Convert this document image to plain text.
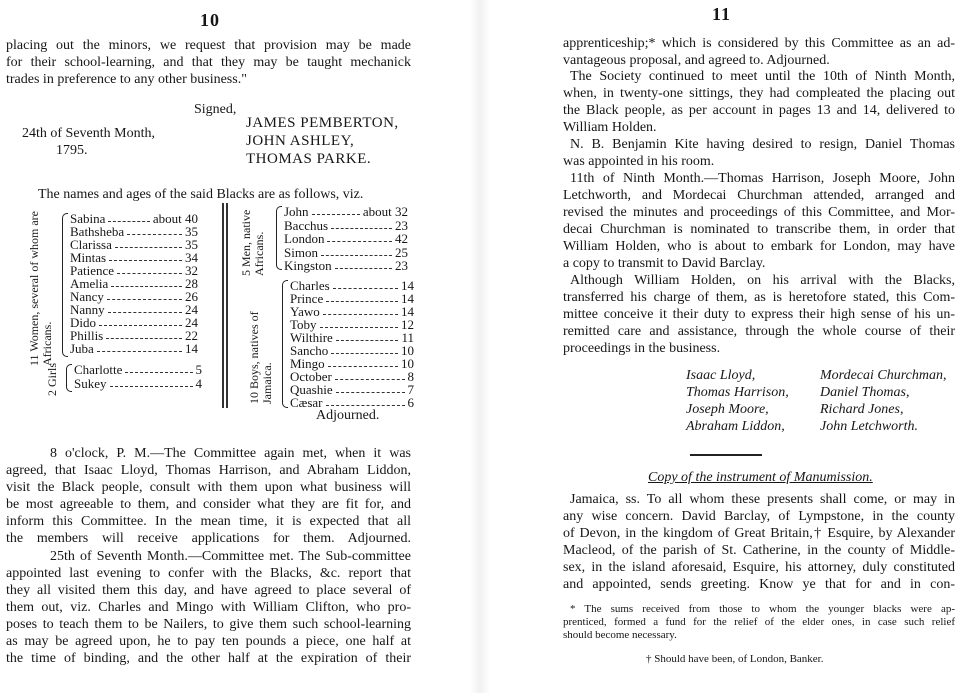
10
placing out the minors, we request that provision may be made
for their school-learning, and that they may be taught mechanick
trades in preference to any other business."
Signed,
24th of Seventh Month,
1795.
JAMES PEMBERTON,
JOHN ASHLEY,
THOMAS PARKE.
The names and ages of the said Blacks are as follows, viz.
11 Women, several of whom are Africans.
Sabina	about 40
Bathsheba	35
Clarissa	35
Mintas	34
Patience	32
Amelia	28
Nancy	26
Nanny	24
Dido	24
Phillis	22
Juba	14
2 Girls Charlotte	5
Sukey	4
5 Men, native Africans.
John	about 32
Bacchus	23
London	42
Simon	25
Kingston	23
10 Boys, natives of Jamaica.
Charles	14
Prince	14
Yawo	14
Toby	12
Wilthire	11
Sancho	10
Mingo	10
October	8
Quashie	7
Cæsar	6
Adjourned.
8 o'clock, P. M.—The Committee again met, when it was
agreed, that Isaac Lloyd, Thomas Harrison, and Abraham Liddon,
visit the Black people, consult with them upon what business will
be most agreeable to them, and consider what they are fit for, and
inform this Committee. In the mean time, it is expected that all
the members will receive applications for them. Adjourned.
25th of Seventh Month.—Committee met. The Sub-committee
appointed last evening to confer with the Blacks, &c. report that
they all visited them this day, and have agreed to place several of
them out, viz. Charles and Mingo with William Clifton, who pro-
poses to teach them to be Nailers, to give them such school-learning
as may be agreed upon, he to pay ten pounds a piece, one half at
the time of binding, and the other half at the expiration of their
11
apprenticeship;* which is considered by this Committee as an ad-
vantageous proposal, and agreed to. Adjourned.
The Society continued to meet until the 10th of Ninth Month,
when, in twenty-one sittings, they had compleated the placing out
the Black people, as per account in pages 13 and 14, delivered to
William Holden.
N. B. Benjamin Kite having desired to resign, Daniel Thomas
was appointed in his room.
11th of Ninth Month.—Thomas Harrison, Joseph Moore, John
Letchworth, and Mordecai Churchman attended, arranged and
revised the minutes and proceedings of this Committee, and Mor-
decai Churchman is nominated to transcribe them, in order that
William Holden, who is about to embark for London, may have
a copy to transmit to David Barclay.
Although William Holden, on his arrival with the Blacks,
transferred his charge of them, as is heretofore stated, this Com-
mittee conceive it their duty to express their high sense of his un-
remitted care and assistance, through the whole course of their
proceedings in the business.
Isaac Lloyd,
Thomas Harrison,
Joseph Moore,
Abraham Liddon,
Mordecai Churchman,
Daniel Thomas,
Richard Jones,
John Letchworth.
Copy of the instrument of Manumission.
Jamaica, ss. To all whom these presents shall come, or may in
any wise concern. David Barclay, of Lympstone, in the county
of Devon, in the kingdom of Great Britain,† Esquire, by Alexander
Macleod, of the parish of St. Catherine, in the county of Middle-
sex, in the island aforesaid, Esquire, his attorney, duly constituted
and appointed, sends greeting. Know ye that for and in con-
* The sums received from those to whom the younger blacks were ap-
prenticed, formed a fund for the relief of the elder ones, in case such relief
should become necessary.
† Should have been, of London, Banker.
